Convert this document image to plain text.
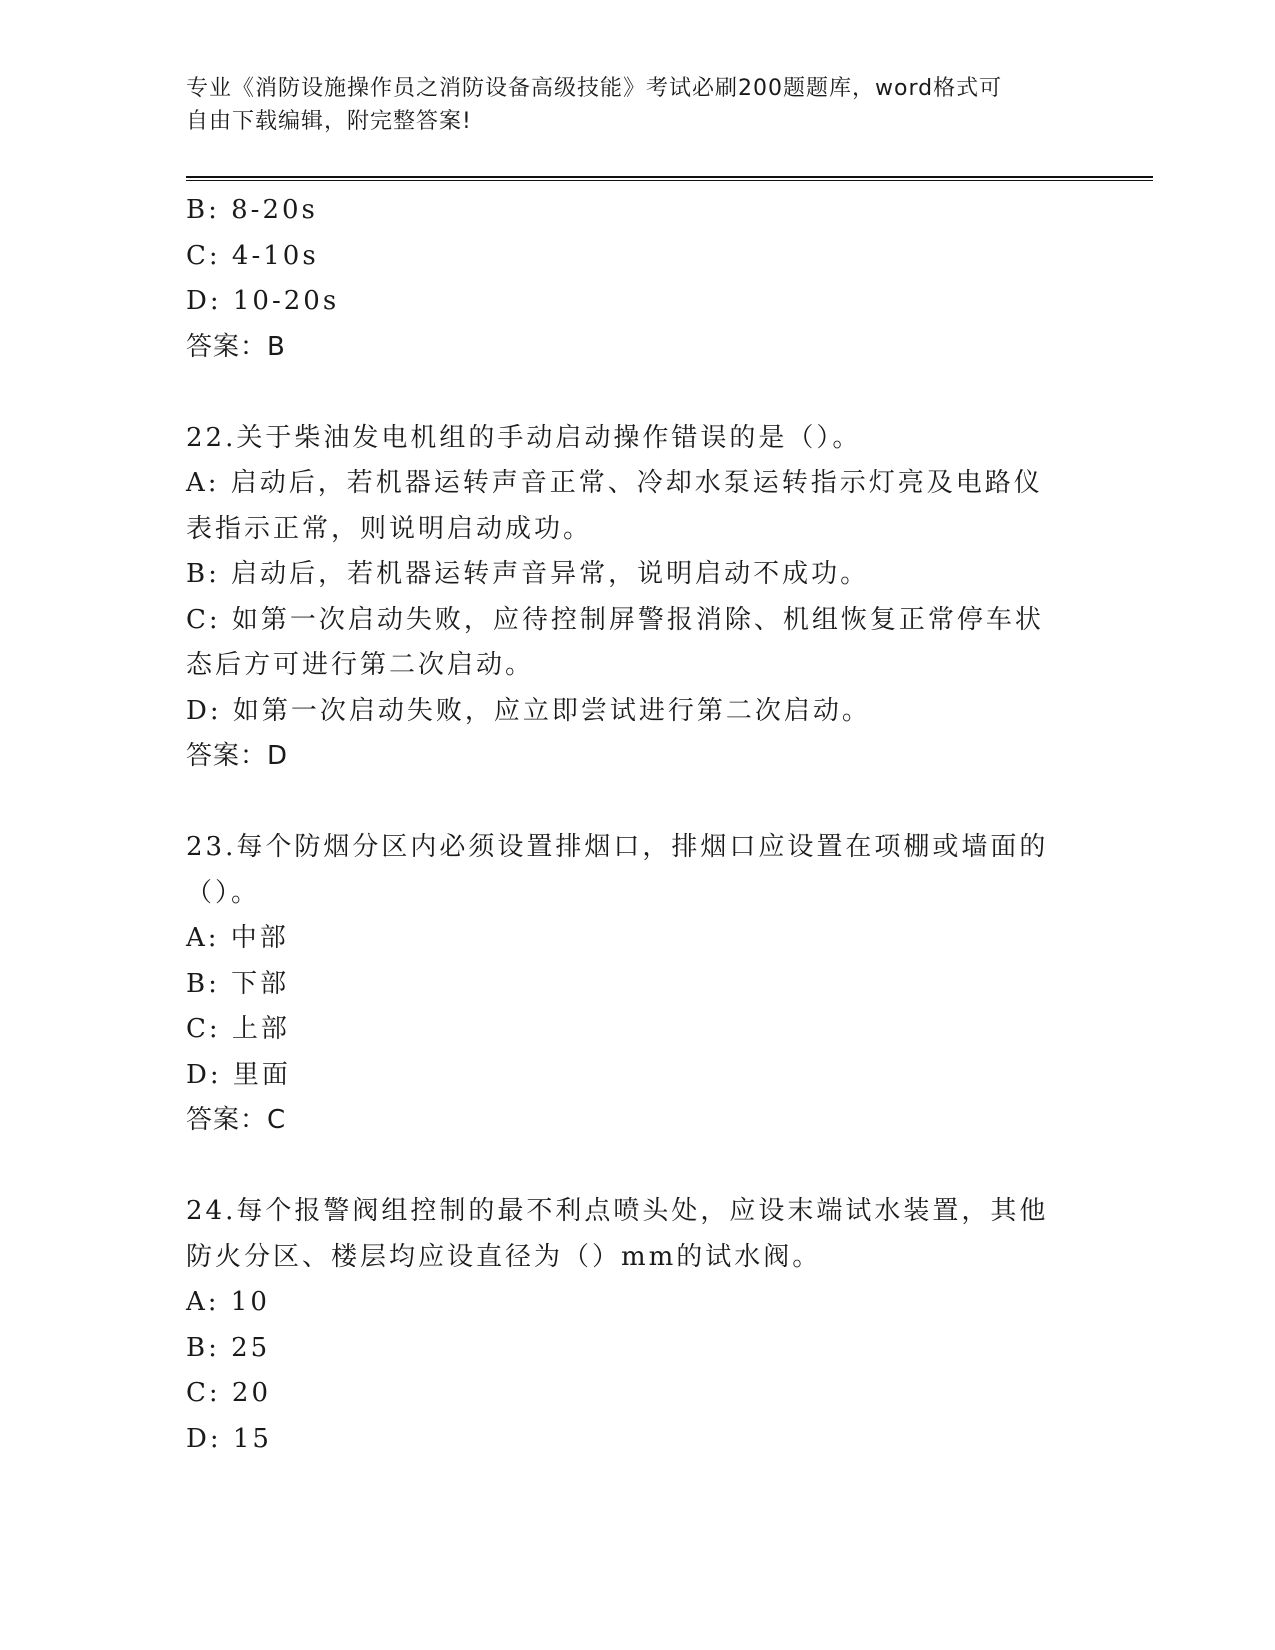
专业《消防设施操作员之消防设备高级技能》考试必刷200题题库，word格式可
自由下载编辑，附完整答案!
B: 8-20s
C: 4-10s
D: 10-20s
答案：B
22.关于柴油发电机组的手动启动操作错误的是（）。
A: 启动后，若机器运转声音正常、冷却水泵运转指示灯亮及电路仪表指示正常，则说明启动成功。
B: 启动后，若机器运转声音异常，说明启动不成功。
C: 如第一次启动失败，应待控制屏警报消除、机组恢复正常停车状态后方可进行第二次启动。
D: 如第一次启动失败，应立即尝试进行第二次启动。
答案：D
23.每个防烟分区内必须设置排烟口，排烟口应设置在项棚或墙面的（）。
A: 中部
B: 下部
C: 上部
D: 里面
答案：C
24.每个报警阀组控制的最不利点喷头处，应设末端试水装置，其他防火分区、楼层均应设直径为（）mm的试水阀。
A: 10
B: 25
C: 20
D: 15
